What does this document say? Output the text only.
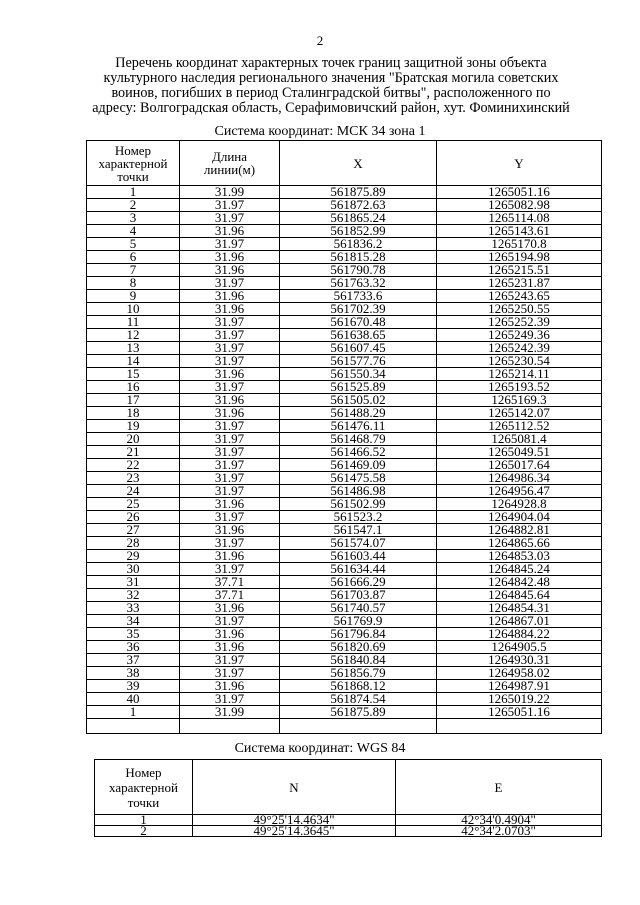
2
Перечень координат характерных точек границ защитной зоны объекта
культурного наследия регионального значения "Братская могила советских
воинов, погибших в период Сталинградской битвы", расположенного по
адресу: Волгоградская область, Серафимовичский район, хут. Фоминихинский
Система координат: МСК 34 зона 1
Номер
характерной
точки	Длина
линии(м)	X	Y
1	31.99	561875.89	1265051.16
2	31.97	561872.63	1265082.98
3	31.97	561865.24	1265114.08
4	31.96	561852.99	1265143.61
5	31.97	561836.2	1265170.8
6	31.96	561815.28	1265194.98
7	31.96	561790.78	1265215.51
8	31.97	561763.32	1265231.87
9	31.96	561733.6	1265243.65
10	31.96	561702.39	1265250.55
11	31.97	561670.48	1265252.39
12	31.97	561638.65	1265249.36
13	31.97	561607.45	1265242.39
14	31.97	561577.76	1265230.54
15	31.96	561550.34	1265214.11
16	31.97	561525.89	1265193.52
17	31.96	561505.02	1265169.3
18	31.96	561488.29	1265142.07
19	31.97	561476.11	1265112.52
20	31.97	561468.79	1265081.4
21	31.97	561466.52	1265049.51
22	31.97	561469.09	1265017.64
23	31.97	561475.58	1264986.34
24	31.97	561486.98	1264956.47
25	31.96	561502.99	1264928.8
26	31.97	561523.2	1264904.04
27	31.96	561547.1	1264882.81
28	31.97	561574.07	1264865.66
29	31.96	561603.44	1264853.03
30	31.97	561634.44	1264845.24
31	37.71	561666.29	1264842.48
32	37.71	561703.87	1264845.64
33	31.96	561740.57	1264854.31
34	31.97	561769.9	1264867.01
35	31.96	561796.84	1264884.22
36	31.96	561820.69	1264905.5
37	31.97	561840.84	1264930.31
38	31.97	561856.79	1264958.02
39	31.96	561868.12	1264987.91
40	31.97	561874.54	1265019.22
1	31.99	561875.89	1265051.16

Система координат: WGS 84
Номер
характерной
точки	N	E
1	49°25'14.4634"	42°34'0.4904"
2	49°25'14.3645"	42°34'2.0703"
